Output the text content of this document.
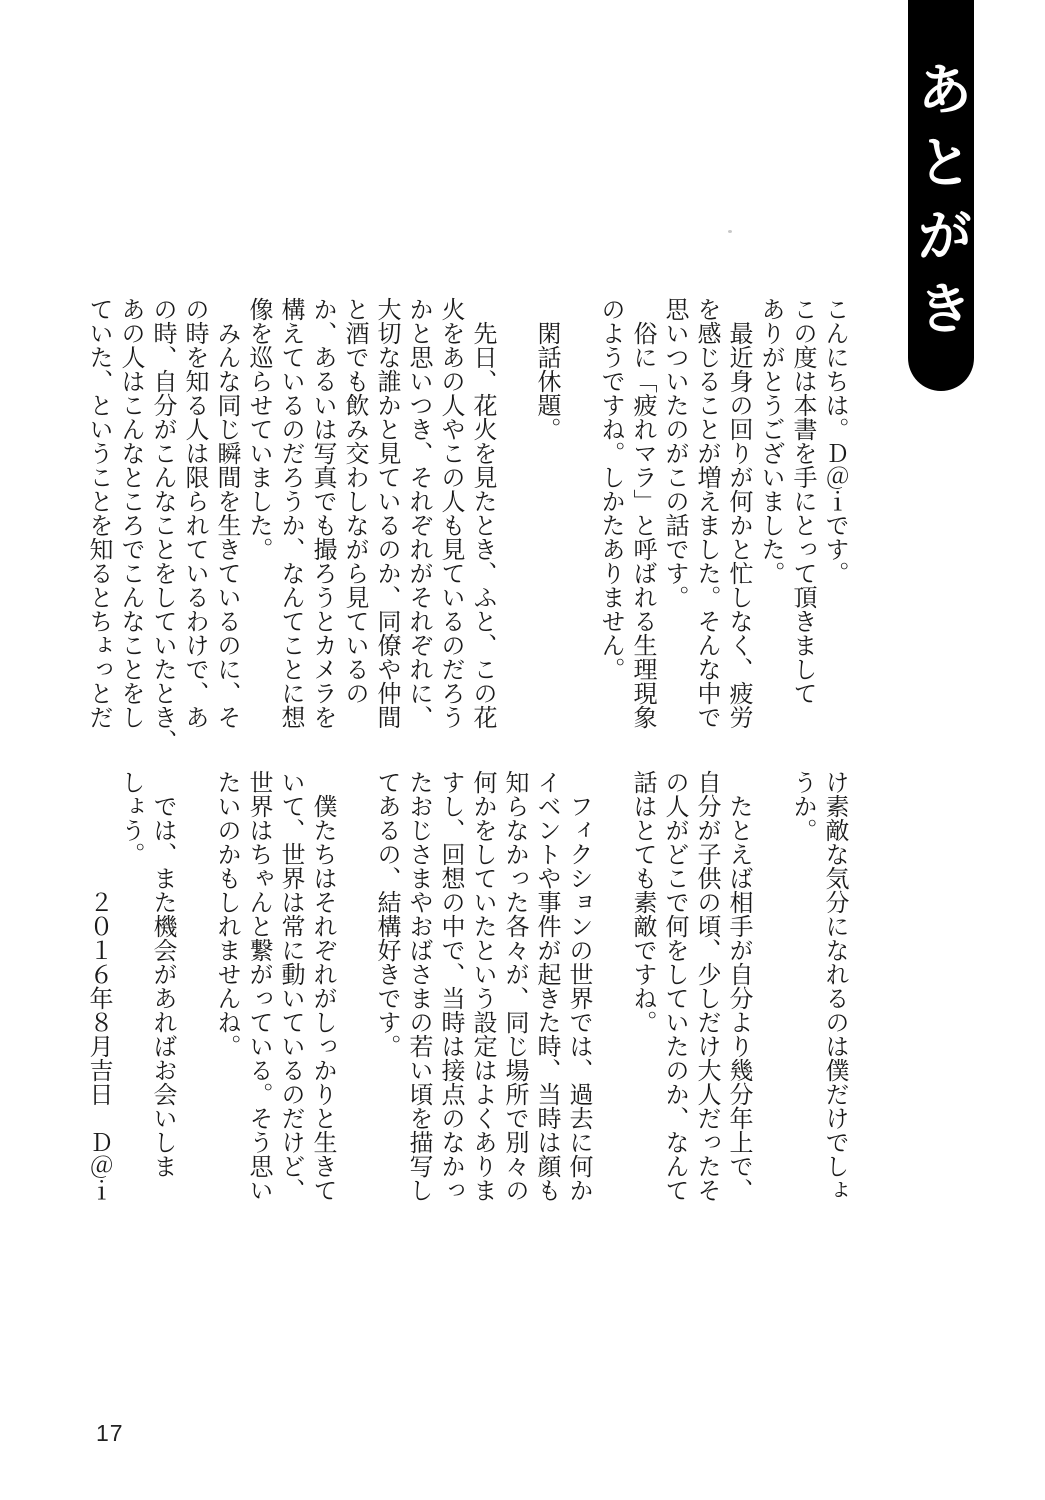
あとがき
こんにちは。Ｄ＠ｉです。
この度は本書を手にとって頂きまして
ありがとうございました。
　最近身の回りが何かと忙しなく、疲労
を感じることが増えました。そんな中で
思いついたのがこの話です。
　俗に「疲れマラ」と呼ばれる生理現象
のようですね。しかたありません。

　閑話休題。

　先日、花火を見たとき、ふと、この花
火をあの人やこの人も見ているのだろう
かと思いつき、それぞれがそれぞれに、
大切な誰かと見ているのか、同僚や仲間
と酒でも飲み交わしながら見ているの
か、あるいは写真でも撮ろうとカメラを
構えているのだろうか、なんてことに想
像を巡らせていました。
　みんな同じ瞬間を生きているのに、そ
の時を知る人は限られているわけで、あ
の時、自分がこんなことをしていたとき、
あの人はこんなところでこんなことをし
ていた、ということを知るとちょっとだ
け素敵な気分になれるのは僕だけでしょ
うか。

　たとえば相手が自分より幾分年上で、
自分が子供の頃、少しだけ大人だったそ
の人がどこで何をしていたのか、なんて
話はとても素敵ですね。

　フィクションの世界では、過去に何か
イベントや事件が起きた時、当時は顔も
知らなかった各々が、同じ場所で別々の
何かをしていたという設定はよくありま
すし、回想の中で、当時は接点のなかっ
たおじさまやおばさまの若い頃を描写し
てあるの、結構好きです。

　僕たちはそれぞれがしっかりと生きて
いて、世界は常に動いているのだけど、
世界はちゃんと繋がっている。そう思い
たいのかもしれませんね。

　では、また機会があればお会いしま
しょう。
２０１６年８月吉日　Ｄ＠ｉ
17
